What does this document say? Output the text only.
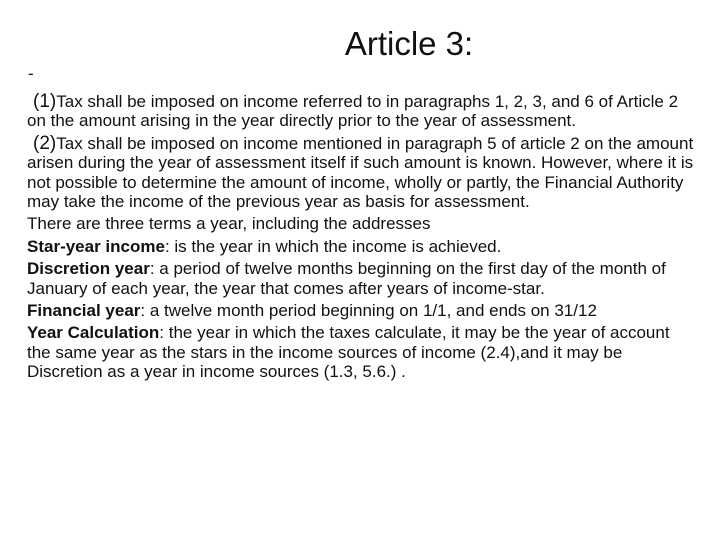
Article 3:
-

(1)Tax shall be imposed on income referred to in paragraphs 1, 2, 3, and 6 of Article 2 on the amount arising in the year directly prior to the year of assessment.

(2)Tax shall be imposed on income mentioned in paragraph 5 of article 2 on the amount arisen during the year of assessment itself if such amount is known. However, where it is not possible to determine the amount of income, wholly or partly, the Financial Authority may take the income of the previous year as basis for assessment.

There are three terms a year, including the addresses

Star-year income: is the year in which the income is achieved.

Discretion year: a period of twelve months beginning on the first day of the month of January of each year, the year that comes after years of income-star.

Financial year: a twelve month period beginning on 1/1, and ends on 31/12

Year Calculation: the year in which the taxes calculate, it may be the year of account the same year as the stars in the income sources of income (2.4),and it may be Discretion as a year in income sources (1.3, 5.6.) .
